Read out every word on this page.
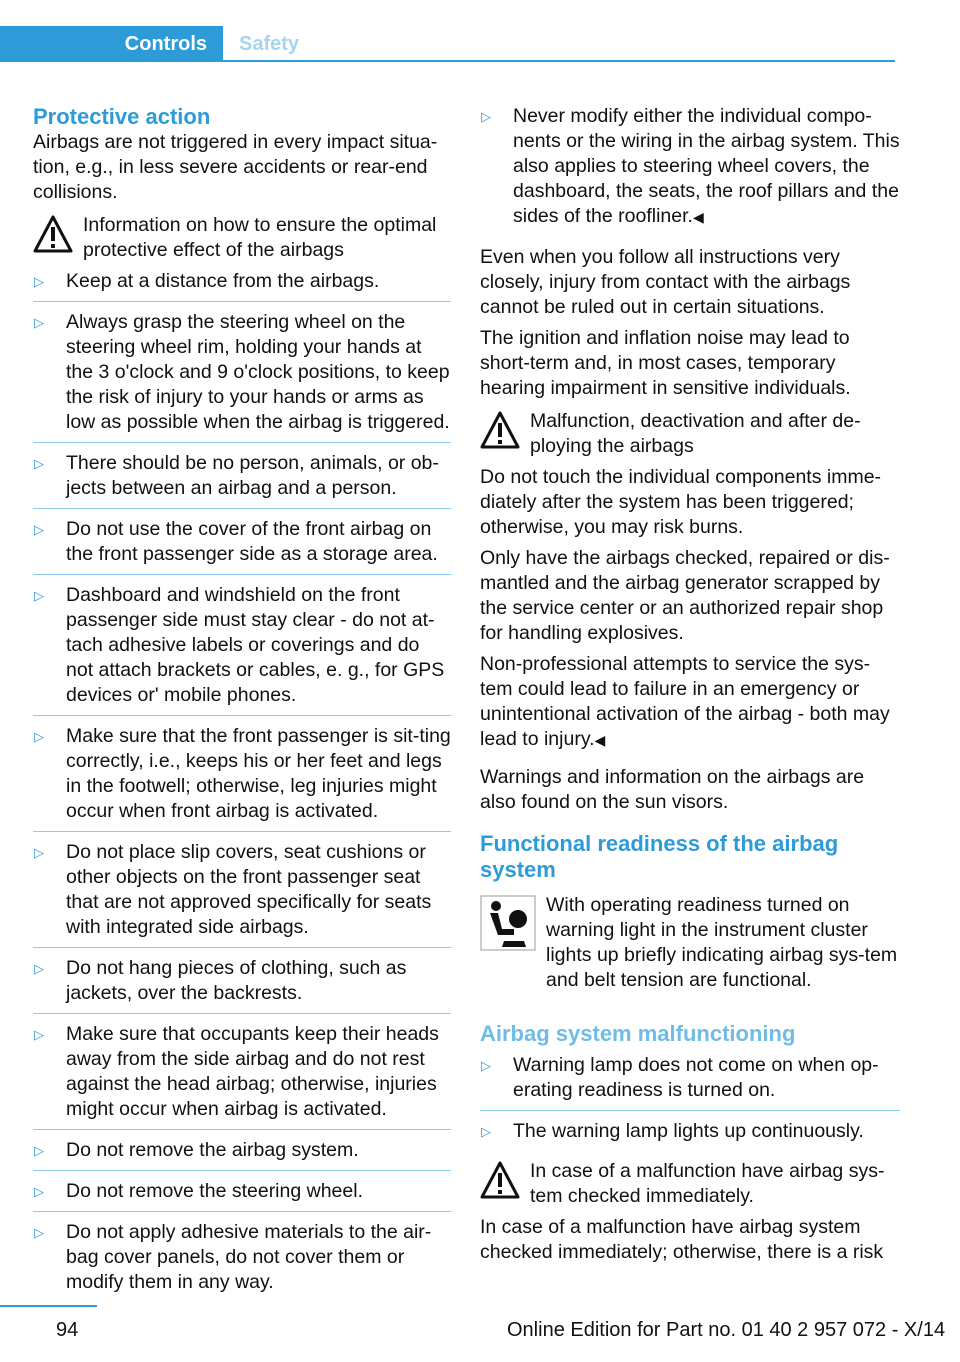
Controls Safety
Protective action

Airbags are not triggered in every impact situa-tion, e.g., in less severe accidents or rear-end collisions.

Information on how to ensure the optimal protective effect of the airbags
▷ Keep at a distance from the airbags.
▷ Always grasp the steering wheel on the steering wheel rim, holding your hands at the 3 o'clock and 9 o'clock positions, to keep the risk of injury to your hands or arms as low as possible when the airbag is triggered.
▷ There should be no person, animals, or ob-jects between an airbag and a person.
▷ Do not use the cover of the front airbag on the front passenger side as a storage area.
▷ Dashboard and windshield on the front passenger side must stay clear - do not at-tach adhesive labels or coverings and do not attach brackets or cables, e. g., for GPS devices or' mobile phones.
▷ Make sure that the front passenger is sit-ting correctly, i.e., keeps his or her feet and legs in the footwell; otherwise, leg injuries might occur when front airbag is activated.
▷ Do not place slip covers, seat cushions or other objects on the front passenger seat that are not approved specifically for seats with integrated side airbags.
▷ Do not hang pieces of clothing, such as jackets, over the backrests.
▷ Make sure that occupants keep their heads away from the side airbag and do not rest against the head airbag; otherwise, injuries might occur when airbag is activated.
▷ Do not remove the airbag system.
▷ Do not remove the steering wheel.
▷ Do not apply adhesive materials to the air-bag cover panels, do not cover them or modify them in any way.
▷ Never modify either the individual compo-nents or the wiring in the airbag system. This also applies to steering wheel covers, the dashboard, the seats, the roof pillars and the sides of the roofliner.◀

Even when you follow all instructions very closely, injury from contact with the airbags cannot be ruled out in certain situations.

The ignition and inflation noise may lead to short-term and, in most cases, temporary hearing impairment in sensitive individuals.

Malfunction, deactivation and after de-ploying the airbags

Do not touch the individual components imme-diately after the system has been triggered; otherwise, you may risk burns.

Only have the airbags checked, repaired or dis-mantled and the airbag generator scrapped by the service center or an authorized repair shop for handling explosives.

Non-professional attempts to service the sys-tem could lead to failure in an emergency or unintentional activation of the airbag - both may lead to injury.◀

Warnings and information on the airbags are also found on the sun visors.

Functional readiness of the airbag system
With operating readiness turned on warning light in the instrument cluster lights up briefly indicating airbag sys-tem and belt tension are functional.
Airbag system malfunctioning
▷ Warning lamp does not come on when op-erating readiness is turned on.
▷ The warning lamp lights up continuously.
In case of a malfunction have airbag sys-tem checked immediately.

In case of a malfunction have airbag system checked immediately; otherwise, there is a risk

94	Online Edition for Part no. 01 40 2 957 072 - X/14
